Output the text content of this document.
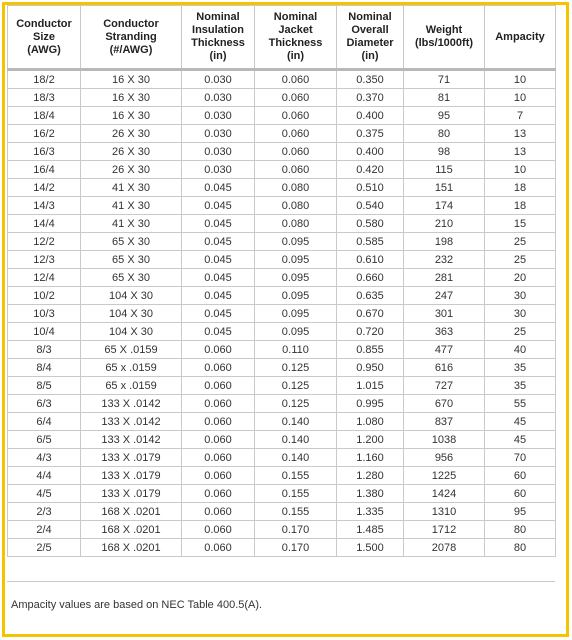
Conductor
Size
(AWG)	Conductor
Stranding
(#/AWG)	Nominal
Insulation
Thickness
(in)	Nominal
Jacket
Thickness
(in)	Nominal
Overall
Diameter
(in)	Weight
(lbs/1000ft)	Ampacity

18/2	16 X 30	0.030	0.060	0.350	71	10
18/3	16 X 30	0.030	0.060	0.370	81	10
18/4	16 X 30	0.030	0.060	0.400	95	7
16/2	26 X 30	0.030	0.060	0.375	80	13
16/3	26 X 30	0.030	0.060	0.400	98	13
16/4	26 X 30	0.030	0.060	0.420	115	10
14/2	41 X 30	0.045	0.080	0.510	151	18
14/3	41 X 30	0.045	0.080	0.540	174	18
14/4	41 X 30	0.045	0.080	0.580	210	15
12/2	65 X 30	0.045	0.095	0.585	198	25
12/3	65 X 30	0.045	0.095	0.610	232	25
12/4	65 X 30	0.045	0.095	0.660	281	20
10/2	104 X 30	0.045	0.095	0.635	247	30
10/3	104 X 30	0.045	0.095	0.670	301	30
10/4	104 X 30	0.045	0.095	0.720	363	25
8/3	65 X .0159	0.060	0.110	0.855	477	40
8/4	65 x .0159	0.060	0.125	0.950	616	35
8/5	65 x .0159	0.060	0.125	1.015	727	35
6/3	133 X .0142	0.060	0.125	0.995	670	55
6/4	133 X .0142	0.060	0.140	1.080	837	45
6/5	133 X .0142	0.060	0.140	1.200	1038	45
4/3	133 X .0179	0.060	0.140	1.160	956	70
4/4	133 X .0179	0.060	0.155	1.280	1225	60
4/5	133 X .0179	0.060	0.155	1.380	1424	60
2/3	168 X .0201	0.060	0.155	1.335	1310	95
2/4	168 X .0201	0.060	0.170	1.485	1712	80
2/5	168 X .0201	0.060	0.170	1.500	2078	80
Ampacity values are based on NEC Table 400.5(A).
